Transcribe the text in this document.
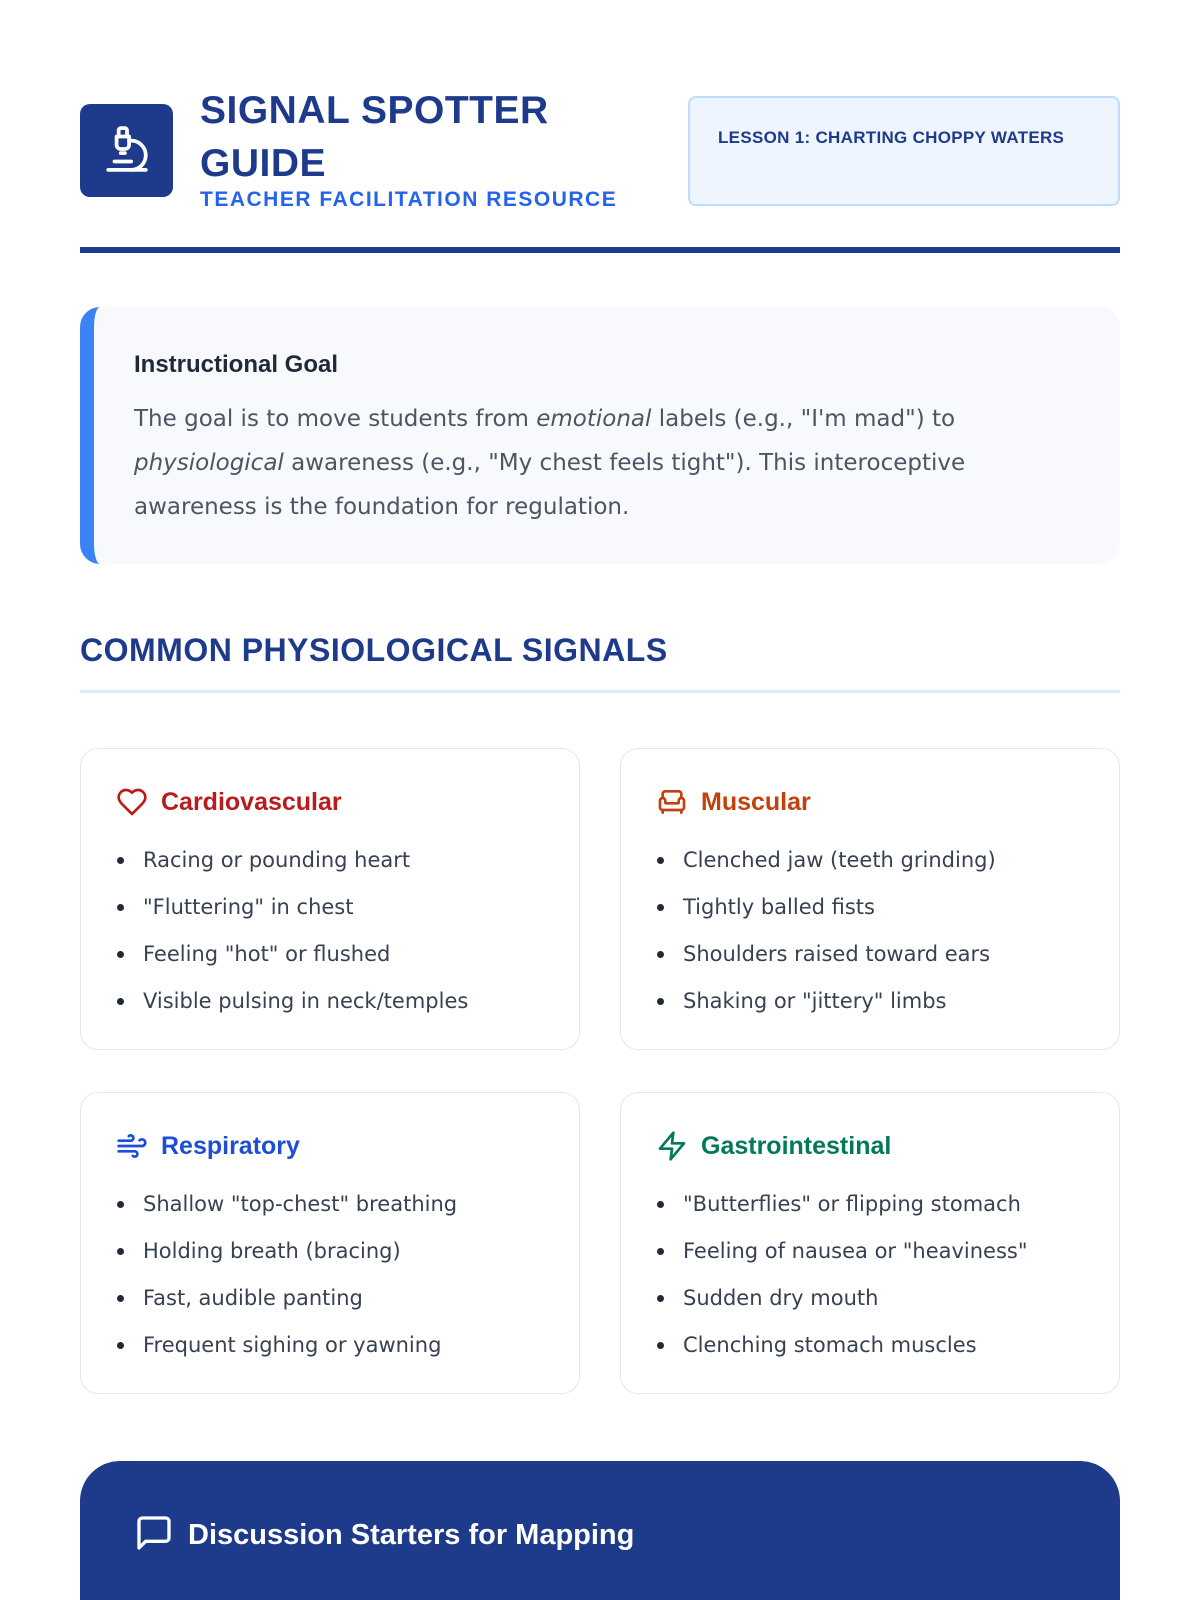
SIGNAL SPOTTER GUIDE
TEACHER FACILITATION RESOURCE
LESSON 1: CHARTING CHOPPY WATERS
Instructional Goal
The goal is to move students from emotional labels (e.g., "I'm mad") to physiological awareness (e.g., "My chest feels tight"). This interoceptive awareness is the foundation for regulation.
COMMON PHYSIOLOGICAL SIGNALS
Cardiovascular
Racing or pounding heart
"Fluttering" in chest
Feeling "hot" or flushed
Visible pulsing in neck/temples
Muscular
Clenched jaw (teeth grinding)
Tightly balled fists
Shoulders raised toward ears
Shaking or "jittery" limbs
Respiratory
Shallow "top-chest" breathing
Holding breath (bracing)
Fast, audible panting
Frequent sighing or yawning
Gastrointestinal
"Butterflies" or flipping stomach
Feeling of nausea or "heaviness"
Sudden dry mouth
Clenching stomach muscles
Discussion Starters for Mapping
